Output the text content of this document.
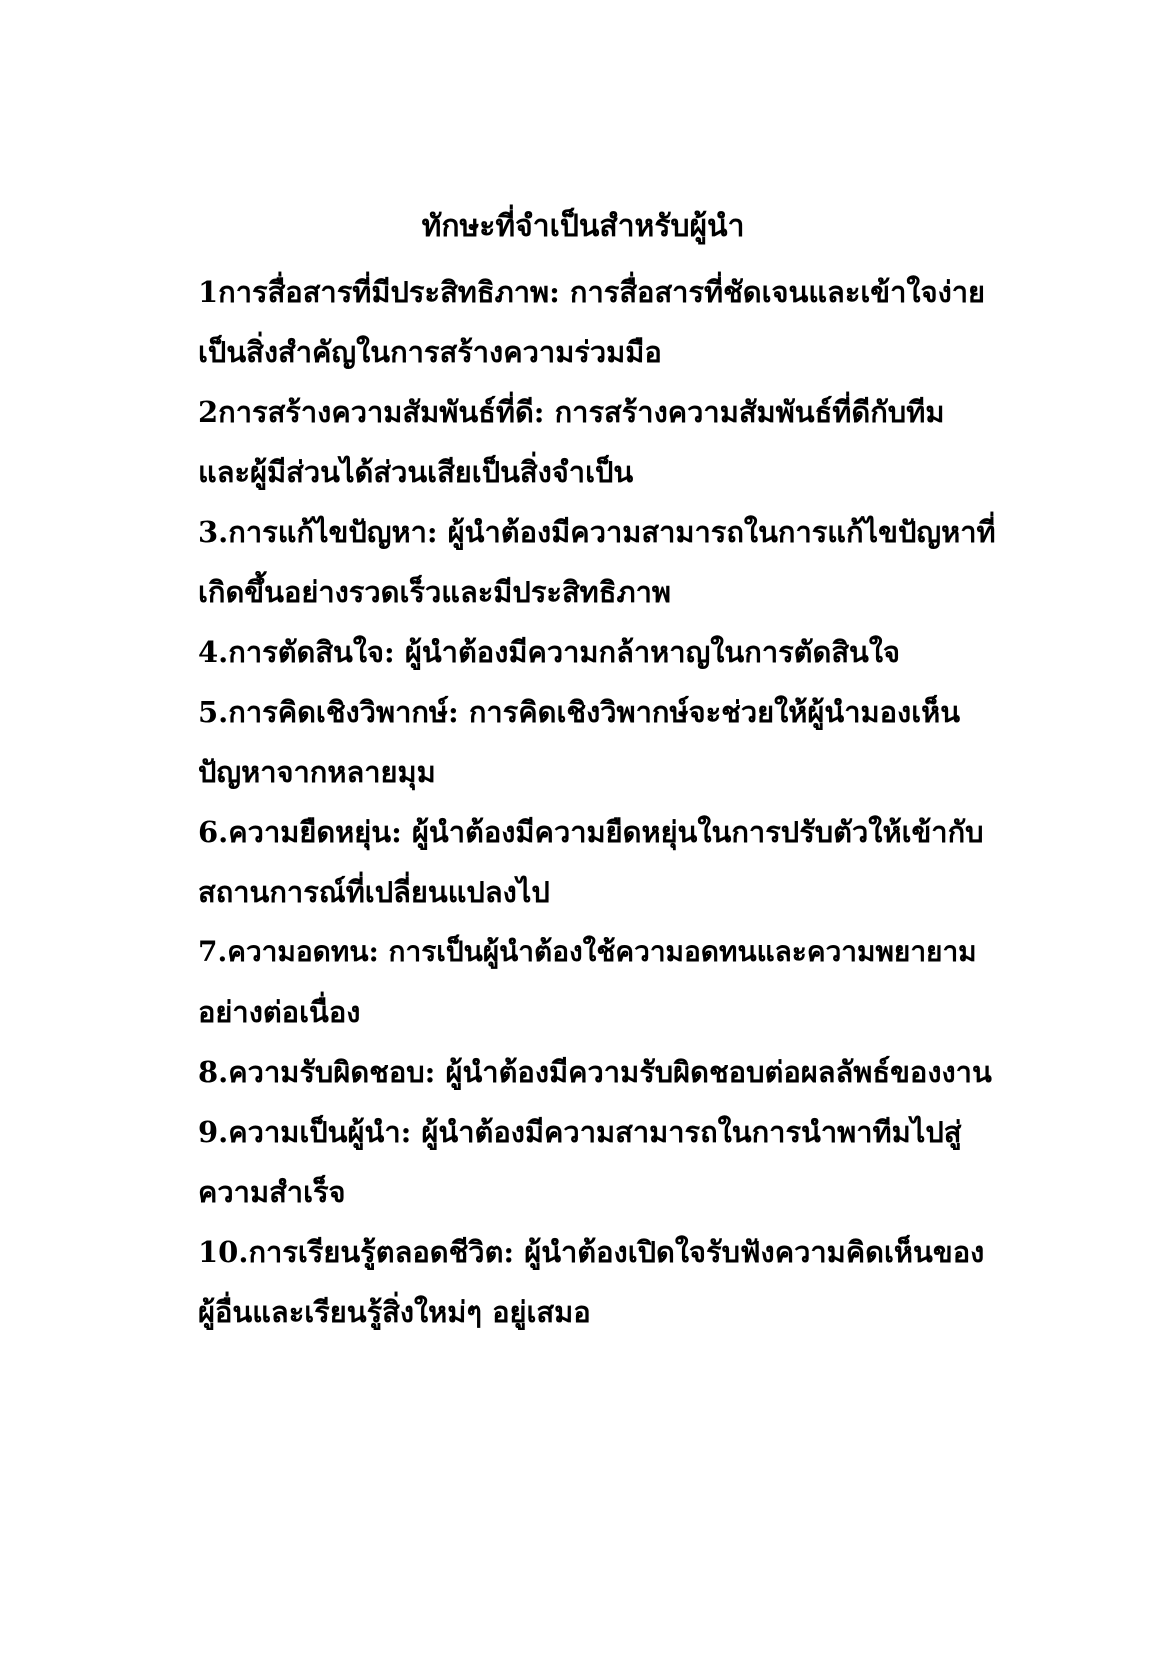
ทักษะที่จำเป็นสำหรับผู้นำ
1การสื่อสารที่มีประสิทธิภาพ: การสื่อสารที่ชัดเจนและเข้าใจง่าย
เป็นสิ่งสำคัญในการสร้างความร่วมมือ
2การสร้างความสัมพันธ์ที่ดี: การสร้างความสัมพันธ์ที่ดีกับทีม
และผู้มีส่วนได้ส่วนเสียเป็นสิ่งจำเป็น
3.การแก้ไขปัญหา: ผู้นำต้องมีความสามารถในการแก้ไขปัญหาที่
เกิดขึ้นอย่างรวดเร็วและมีประสิทธิภาพ
4.การตัดสินใจ: ผู้นำต้องมีความกล้าหาญในการตัดสินใจ
5.การคิดเชิงวิพากษ์: การคิดเชิงวิพากษ์จะช่วยให้ผู้นำมองเห็น
ปัญหาจากหลายมุม
6.ความยืดหยุ่น: ผู้นำต้องมีความยืดหยุ่นในการปรับตัวให้เข้ากับ
สถานการณ์ที่เปลี่ยนแปลงไป
7.ความอดทน: การเป็นผู้นำต้องใช้ความอดทนและความพยายาม
อย่างต่อเนื่อง
8.ความรับผิดชอบ: ผู้นำต้องมีความรับผิดชอบต่อผลลัพธ์ของงาน
9.ความเป็นผู้นำ: ผู้นำต้องมีความสามารถในการนำพาทีมไปสู่
ความสำเร็จ
10.การเรียนรู้ตลอดชีวิต: ผู้นำต้องเปิดใจรับฟังความคิดเห็นของ
ผู้อื่นและเรียนรู้สิ่งใหม่ๆ อยู่เสมอ
